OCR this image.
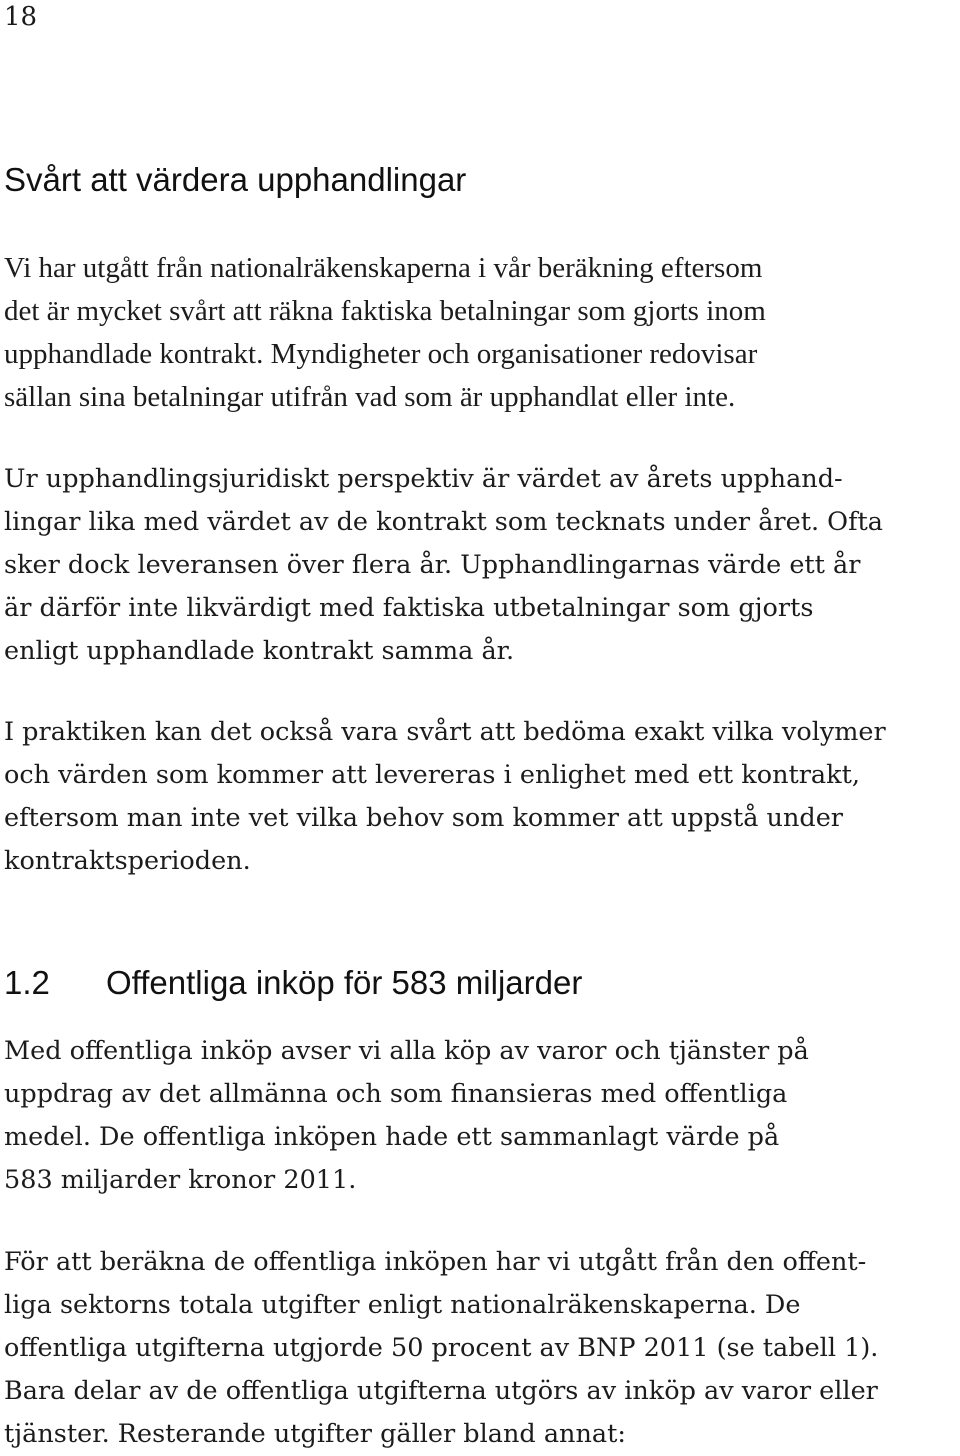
18
Svårt att värdera upphandlingar
Vi har utgått från nationalräkenskaperna i vår beräkning eftersom
det är mycket svårt att räkna faktiska betalningar som gjorts inom
upphandlade kontrakt. Myndigheter och organisationer redovisar
sällan sina betalningar utifrån vad som är upphandlat eller inte.
Ur upphandlingsjuridiskt perspektiv är värdet av årets upphand-
lingar lika med värdet av de kontrakt som tecknats under året. Ofta
sker dock leveransen över flera år. Upphandlingarnas värde ett år
är därför inte likvärdigt med faktiska utbetalningar som gjorts
enligt upphandlade kontrakt samma år.
I praktiken kan det också vara svårt att bedöma exakt vilka volymer
och värden som kommer att levereras i enlighet med ett kontrakt,
eftersom man inte vet vilka behov som kommer att uppstå under
kontraktsperioden.
1.2 Offentliga inköp för 583 miljarder
Med offentliga inköp avser vi alla köp av varor och tjänster på
uppdrag av det allmänna och som finansieras med offentliga
medel. De offentliga inköpen hade ett sammanlagt värde på
583 miljarder kronor 2011.
För att beräkna de offentliga inköpen har vi utgått från den offent-
liga sektorns totala utgifter enligt nationalräkenskaperna. De
offentliga utgifterna utgjorde 50 procent av BNP 2011 (se tabell 1).
Bara delar av de offentliga utgifterna utgörs av inköp av varor eller
tjänster. Resterande utgifter gäller bland annat:
